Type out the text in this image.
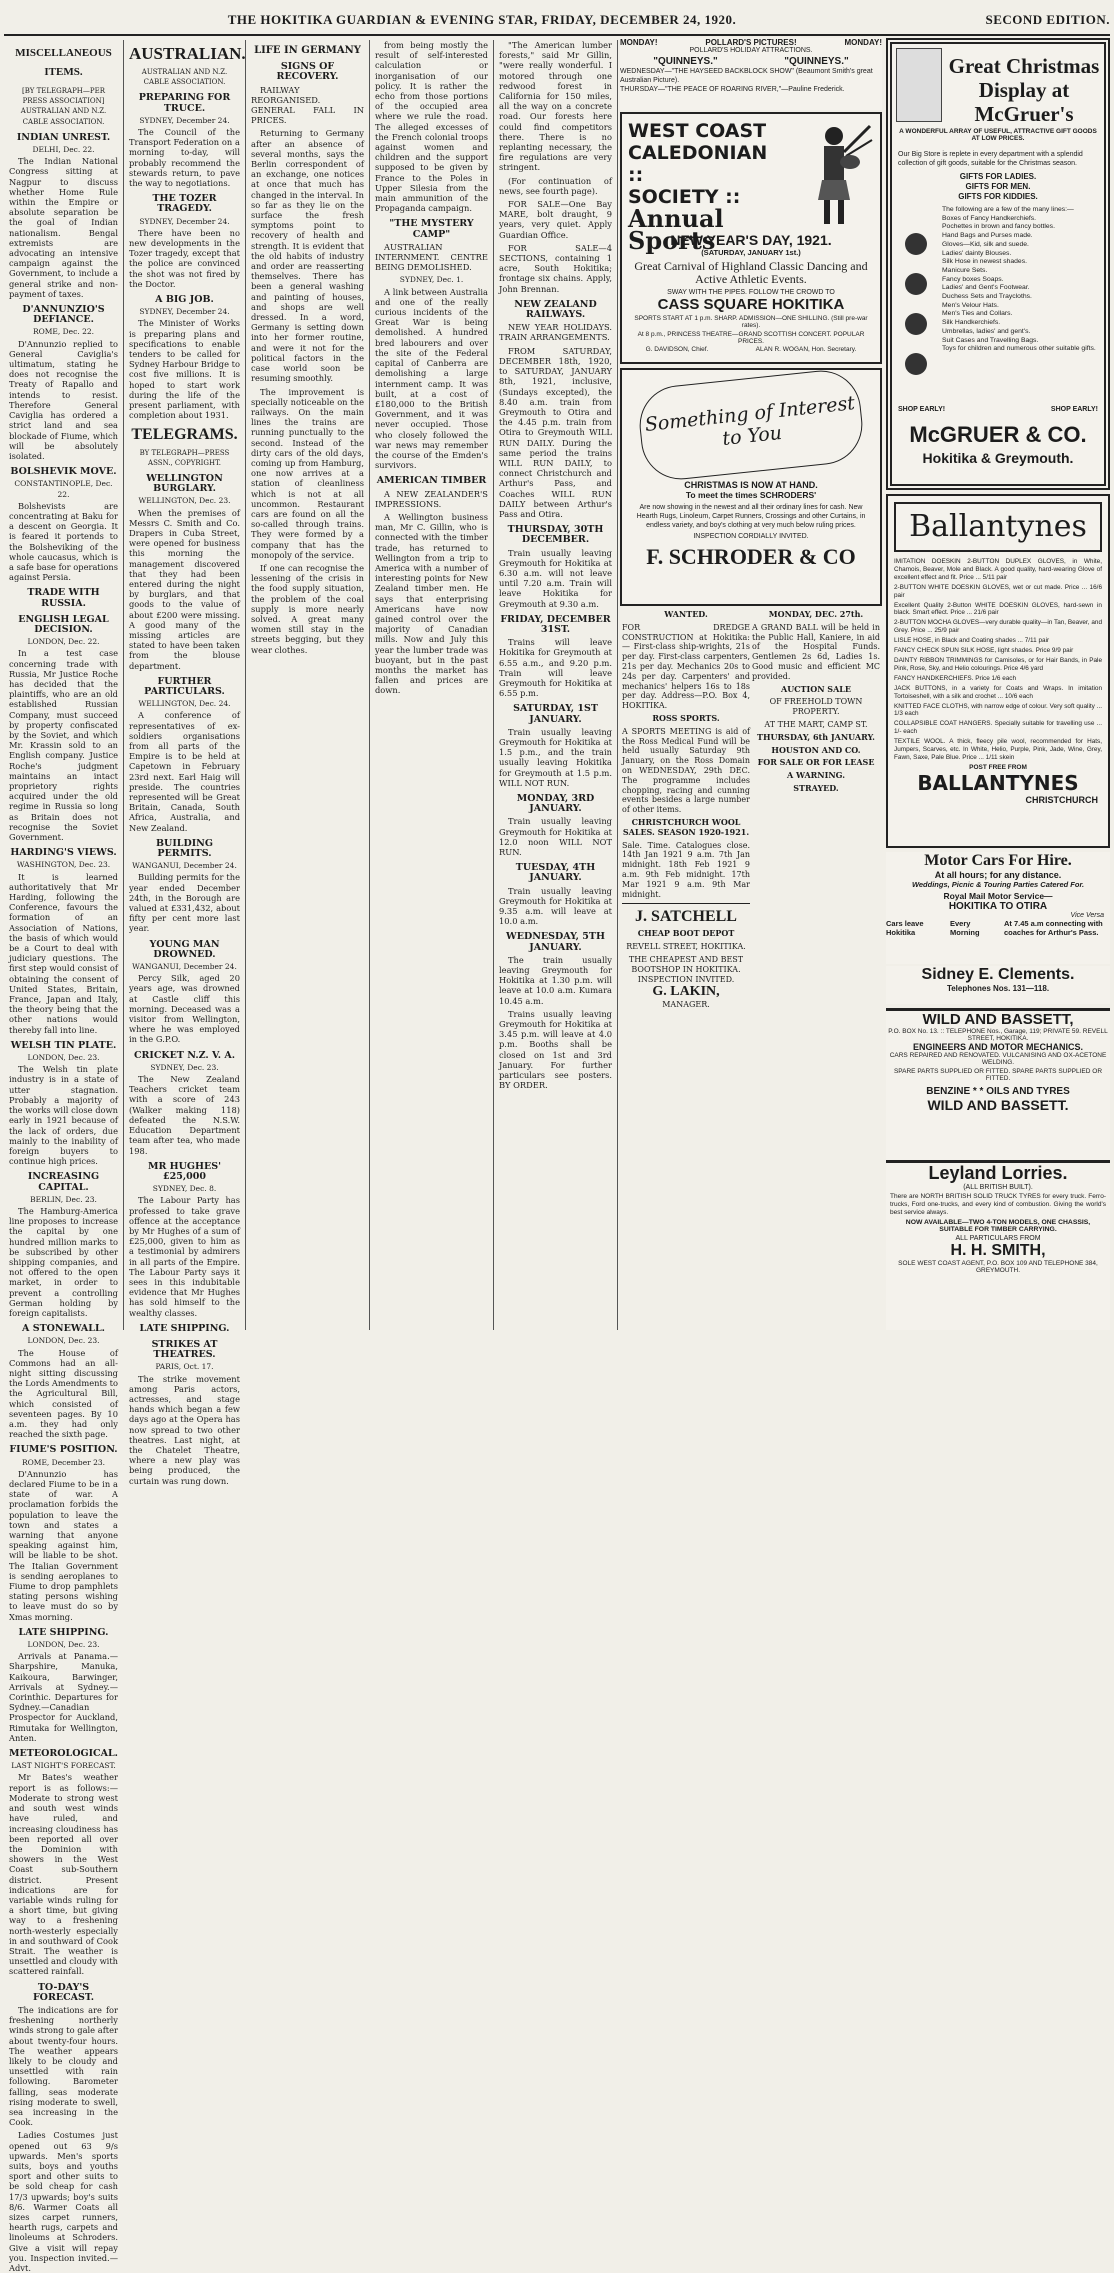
THE HOKITIKA GUARDIAN & EVENING STAR, FRIDAY, DECEMBER 24, 1920.	SECOND EDITION.
MISCELLANEOUS ITEMS.
[BY TELEGRAPH—PER PRESS ASSOCIATION]
AUSTRALIAN AND N.Z. CABLE ASSOCIATION.
INDIAN UNREST.
DELHI, Dec. 22.

The Indian National Congress sitting at Nagpur to discuss whether Home Rule within the Empire or absolute separation be the goal of Indian nationalism. Bengal extremists are advocating an intensive campaign against the Government, to include a general strike and non-payment of taxes.

D'ANNUNZIO'S DEFIANCE.
ROME, Dec. 22.

D'Annunzio replied to General Caviglia's ultimatum, stating he does not recognise the Treaty of Rapallo and intends to resist. Therefore General Caviglia has ordered a strict land and sea blockade of Fiume, which will be absolutely isolated.

BOLSHEVIK MOVE.
CONSTANTINOPLE, Dec. 22.

Bolshevists are concentrating at Baku for a descent on Georgia. It is feared it portends to the Bolsheviking of the whole caucasus, which is a safe base for operations against Persia.

TRADE WITH RUSSIA.
ENGLISH LEGAL DECISION.
LONDON, Dec. 22.

In a test case concerning trade with Russia, Mr Justice Roche has decided that the plaintiffs, who are an old established Russian Company, must succeed by property confiscated by the Soviet, and which Mr. Krassin sold to an English company. Justice Roche's judgment maintains an intact proprietory rights acquired under the old regime in Russia so long as Britain does not recognise the Soviet Government.

HARDING'S VIEWS.
WASHINGTON, Dec. 23.

It is learned authoritatively that Mr Harding, following the Conference, favours the formation of an Association of Nations, the basis of which would be a Court to deal with judiciary questions. The first step would consist of obtaining the consent of United States, Britain, France, Japan and Italy, the theory being that the other nations would thereby fall into line.

WELSH TIN PLATE.
LONDON, Dec. 23.

The Welsh tin plate industry is in a state of utter stagnation. Probably a majority of the works will close down early in 1921 because of the lack of orders, due mainly to the inability of foreign buyers to continue high prices.

INCREASING CAPITAL.
BERLIN, Dec. 23.

The Hamburg-America line proposes to increase the capital by one hundred million marks to be subscribed by other shipping companies, and not offered to the open market, in order to prevent a controlling German holding by foreign capitalists.

A STONEWALL.
LONDON, Dec. 23.

The House of Commons had an all-night sitting discussing the Lords Amendments to the Agricultural Bill, which consisted of seventeen pages. By 10 a.m. they had only reached the sixth page.

FIUME'S POSITION.
ROME, December 23.

D'Annunzio has declared Fiume to be in a state of war. A proclamation forbids the population to leave the town and states a warning that anyone speaking against him, will be liable to be shot. The Italian Government is sending aeroplanes to Fiume to drop pamphlets stating persons wishing to leave must do so by Xmas morning.

LATE SHIPPING.
LONDON, Dec. 23.

Arrivals at Panama.—Sharpshire, Manuka, Kaikoura, Barwinger, Arrivals at Sydney.—Corinthic. Departures for Sydney.—Canadian Prospector for Auckland, Rimutaka for Wellington, Anten.

METEOROLOGICAL.
LAST NIGHT'S FORECAST.

Mr Bates's weather report is as follows:—Moderate to strong west and south west winds have ruled, and increasing cloudiness has been reported all over the Dominion with showers in the West Coast sub-Southern district. Present indications are for variable winds ruling for a short time, but giving way to a freshening north-westerly especially in and southward of Cook Strait. The weather is unsettled and cloudy with scattered rainfall.

TO-DAY'S FORECAST.

The indications are for freshening northerly winds strong to gale after about twenty-four hours. The weather appears likely to be cloudy and unsettled with rain following. Barometer falling, seas moderate rising moderate to swell, sea increasing in the Cook.

Ladies Costumes just opened out 63 9/s upwards. Men's sports suits, boys and youths sport and other suits to be sold cheap for cash 17/3 upwards; boy's suits 8/6. Warmer Coats all sizes carpet runners, hearth rugs, carpets and linoleums at Schroders. Give a visit will repay you. Inspection invited.—Advt.

AUSTRALIAN.
AUSTRALIAN AND N.Z. CABLE ASSOCIATION.
PREPARING FOR TRUCE.
SYDNEY, December 24.

The Council of the Transport Federation on a morning to-day, will probably recommend the stewards return, to pave the way to negotiations.

THE TOZER TRAGEDY.
SYDNEY, December 24.

There have been no new developments in the Tozer tragedy, except that the police are convinced the shot was not fired by the Doctor.

A BIG JOB.
SYDNEY, December 24.

The Minister of Works is preparing plans and specifications to enable tenders to be called for Sydney Harbour Bridge to cost five millions. It is hoped to start work during the life of the present parliament, with completion about 1931.

TELEGRAMS.
BY TELEGRAPH—PRESS ASSN., COPYRIGHT.
WELLINGTON BURGLARY.
WELLINGTON, Dec. 23.

When the premises of Messrs C. Smith and Co. Drapers in Cuba Street, were opened for business this morning the management discovered that they had been entered during the night by burglars, and that goods to the value of about £200 were missing. A good many of the missing articles are stated to have been taken from the blouse department.

FURTHER PARTICULARS.
WELLINGTON, Dec. 24.

A conference of representatives of ex-soldiers organisations from all parts of the Empire is to be held at Capetown in February 23rd next. Earl Haig will preside. The countries represented will be Great Britain, Canada, South Africa, Australia, and New Zealand.

BUILDING PERMITS.
WANGANUI, December 24.

Building permits for the year ended December 24th, in the Borough are valued at £331,432, about fifty per cent more last year.

YOUNG MAN DROWNED.
WANGANUI, December 24.

Percy Silk, aged 20 years age, was drowned at Castle cliff this morning. Deceased was a visitor from Wellington, where he was employed in the G.P.O.

CRICKET N.Z. V. A.
SYDNEY, Dec. 23.

The New Zealand Teachers cricket team with a score of 243 (Walker making 118) defeated the N.S.W. Education Department team after tea, who made 198.

MR HUGHES' £25,000
SYDNEY, Dec. 8.

The Labour Party has professed to take grave offence at the acceptance by Mr Hughes of a sum of £25,000, given to him as a testimonial by admirers in all parts of the Empire. The Labour Party says it sees in this indubitable evidence that Mr Hughes has sold himself to the wealthy classes.

LATE SHIPPING.
STRIKES AT THEATRES.
PARIS, Oct. 17.

The strike movement among Paris actors, actresses, and stage hands which began a few days ago at the Opera has now spread to two other theatres. Last night, at the Chatelet Theatre, where a new play was being produced, the curtain was rung down.

LIFE IN GERMANY
SIGNS OF RECOVERY.

RAILWAY REORGANISED. GENERAL FALL IN PRICES.

Returning to Germany after an absence of several months, says the Berlin correspondent of an exchange, one notices at once that much has changed in the interval. In so far as they lie on the surface the fresh symptoms point to recovery of health and strength. It is evident that the old habits of industry and order are reasserting themselves. There has been a general washing and painting of houses, and shops are well dressed. In a word, Germany is setting down into her former routine, and were it not for the political factors in the case world soon be resuming smoothly.

The improvement is specially noticeable on the railways. On the main lines the trains are running punctually to the second. Instead of the dirty cars of the old days, coming up from Hamburg, one now arrives at a station of cleanliness which is not at all uncommon. Restaurant cars are found on all the so-called through trains. They were formed by a company that has the monopoly of the service.

If one can recognise the lessening of the crisis in the food supply situation, the problem of the coal supply is more nearly solved. A great many women still stay in the streets begging, but they wear clothes.

from being mostly the result of self-interested calculation or inorganisation of our policy. It is rather the echo from those portions of the occupied area where we rule the road. The alleged excesses of the French colonial troops against women and children and the support supposed to be given by France to the Poles in Upper Silesia from the main ammunition of the Propaganda campaign.

"THE MYSTERY CAMP"

AUSTRALIAN INTERNMENT. CENTRE BEING DEMOLISHED.

SYDNEY, Dec. 1.

A link between Australia and one of the really curious incidents of the Great War is being demolished. A hundred bred labourers and over the site of the Federal capital of Canberra are demolishing a large internment camp. It was built, at a cost of £180,000 to the British Government, and it was never occupied. Those who closely followed the war news may remember the course of the Emden's survivors.

AMERICAN TIMBER

A NEW ZEALANDER'S IMPRESSIONS.

A Wellington business man, Mr C. Gillin, who is connected with the timber trade, has returned to Wellington from a trip to America with a number of interesting points for New Zealand timber men. He says that enterprising Americans have now gained control over the majority of Canadian mills. Now and July this year the lumber trade was buoyant, but in the past months the market has fallen and prices are down.

"The American lumber forests," said Mr Gillin, "were really wonderful. I motored through one redwood forest in California for 150 miles, all the way on a concrete road. Our forests here could find competitors there. There is no replanting necessary, the fire regulations are very stringent.

(For continuation of news, see fourth page).

FOR SALE—One Bay MARE, bolt draught, 9 years, very quiet. Apply Guardian Office.

FOR SALE—4 SECTIONS, containing 1 acre, South Hokitika; frontage six chains. Apply, John Brennan.

NEW ZEALAND RAILWAYS.

NEW YEAR HOLIDAYS. TRAIN ARRANGEMENTS.

FROM SATURDAY, DECEMBER 18th, 1920, to SATURDAY, JANUARY 8th, 1921, inclusive, (Sundays excepted), the 8.40 a.m. train from Greymouth to Otira and the 4.45 p.m. train from Otira to Greymouth WILL RUN DAILY. During the same period the trains WILL RUN DAILY, to connect Christchurch and Arthur's Pass, and Coaches WILL RUN DAILY between Arthur's Pass and Otira.

THURSDAY, 30TH DECEMBER.

Train usually leaving Greymouth for Hokitika at 6.30 a.m. will not leave until 7.20 a.m. Train will leave Hokitika for Greymouth at 9.30 a.m.

FRIDAY, DECEMBER 31ST.

Trains will leave Hokitika for Greymouth at 6.55 a.m., and 9.20 p.m. Train will leave Greymouth for Hokitika at 6.55 p.m.

SATURDAY, 1ST JANUARY.

Train usually leaving Greymouth for Hokitika at 1.5 p.m., and the train usually leaving Hokitika for Greymouth at 1.5 p.m. WILL NOT RUN.

MONDAY, 3RD JANUARY.

Train usually leaving Greymouth for Hokitika at 12.0 noon WILL NOT RUN.

TUESDAY, 4TH JANUARY.

Train usually leaving Greymouth for Hokitika at 9.35 a.m. will leave at 10.0 a.m.

WEDNESDAY, 5TH JANUARY.

The train usually leaving Greymouth for Hokitika at 1.30 p.m. will leave at 10.0 a.m. Kumara 10.45 a.m.

Trains usually leaving Greymouth for Hokitika at 3.45 p.m. will leave at 4.0 p.m. Booths shall be closed on 1st and 3rd January. For further particulars see posters. BY ORDER.

MONDAY!	POLLARD'S PICTURES!	MONDAY!
POLLARD'S HOLIDAY ATTRACTIONS.
"QUINNEYS."	"QUINNEYS."
WEDNESDAY—"THE HAYSEED BACKBLOCK SHOW" (Beaumont Smith's great Australian Picture).
THURSDAY—"THE PEACE OF ROARING RIVER,"—Pauline Frederick.
WEST COAST
CALEDONIAN ::
SOCIETY ::
Annual Sports
NEW YEAR'S DAY, 1921.
(SATURDAY, JANUARY 1st.)
Great Carnival of Highland Classic Dancing and Active Athletic Events.
SWAY WITH THE PIPES. FOLLOW THE CROWD TO
CASS SQUARE HOKITIKA
SPORTS START AT 1 p.m. SHARP. ADMISSION—ONE SHILLING. (Still pre-war rates).
At 8 p.m., PRINCESS THEATRE—GRAND SCOTTISH CONCERT. POPULAR PRICES.
G. DAVIDSON, Chief.	ALAN R. WOGAN, Hon. Secretary.
Something of Interest to You
CHRISTMAS IS NOW AT HAND.
To meet the times SCHRODERS'
Are now showing in the newest and all their ordinary lines for cash. New Hearth Rugs, Linoleum, Carpet Runners, Crossings and other Curtains, in endless variety, and boy's clothing at very much below ruling prices.
INSPECTION CORDIALLY INVITED.
F. SCHRODER & CO

WANTED.

FOR DREDGE CONSTRUCTION at Hokitika:— First-class ship-wrights, 21s per day. First-class carpenters, 21s per day. Mechanics 20s to 24s per day. Carpenters' and mechanics' helpers 16s to 18s per day. Address—P.O. Box 4, HOKITIKA.

ROSS SPORTS.

A SPORTS MEETING is aid of the Ross Medical Fund will be held usually Saturday 9th January, on the Ross Domain on WEDNESDAY, 29th DEC. The programme includes chopping, racing and cunning events besides a large number of other items.

CHRISTCHURCH WOOL SALES. SEASON 1920-1921.

Sale. Time. Catalogues close. 14th Jan 1921 9 a.m. 7th Jan midnight. 18th Feb 1921 9 a.m. 9th Feb midnight. 17th Mar 1921 9 a.m. 9th Mar midnight.

J. SATCHELL

CHEAP BOOT DEPOT

REVELL STREET, HOKITIKA.

THE CHEAPEST AND BEST BOOTSHOP IN HOKITIKA. INSPECTION INVITED.

G. LAKIN,

MANAGER.

MONDAY, DEC. 27th.

A GRAND BALL will be held in the Public Hall, Kaniere, in aid of the Hospital Funds. Gentlemen 2s 6d, Ladies 1s. Good music and efficient MC provided.

AUCTION SALE

OF FREEHOLD TOWN PROPERTY.

AT THE MART, CAMP ST.

THURSDAY, 6th JANUARY.

HOUSTON AND CO.

FOR SALE OR FOR LEASE

A WARNING.

STRAYED.

Great Christmas Display at McGruer's
A WONDERFUL ARRAY OF USEFUL, ATTRACTIVE GIFT GOODS AT LOW PRICES.
Our Big Store is replete in every department with a splendid collection of gift goods, suitable for the Christmas season.
GIFTS FOR LADIES.
GIFTS FOR MEN.
GIFTS FOR KIDDIES.
The following are a few of the many lines:—
Boxes of Fancy Handkerchiefs.
Pochettes in brown and fancy bottles.
Hand Bags and Purses made.
Gloves—Kid, silk and suede.
Ladies' dainty Blouses.
Silk Hose in newest shades.
Manicure Sets.
Fancy boxes Soaps.
Ladies' and Gent's Footwear.
Duchess Sets and Traycloths.
Men's Velour Hats.
Men's Ties and Collars.
Silk Handkerchiefs.
Umbrellas, ladies' and gent's.
Suit Cases and Travelling Bags.
Toys for children and numerous other suitable gifts.
SHOP EARLY!	SHOP EARLY!
McGRUER & CO.
Hokitika & Greymouth.
Ballantynes
IMITATION DOESKIN 2-BUTTON DUPLEX GLOVES, in White, Chamois, Beaver, Mole and Black. A good quality, hard-wearing Glove of excellent effect and fit. Price ... 5/11 pair
2-BUTTON WHITE DOESKIN GLOVES, wet or cut made. Price ... 16/6 pair
Excellent Quality 2-Button WHITE DOESKIN GLOVES, hard-sewn in black. Smart effect. Price ... 21/6 pair
2-BUTTON MOCHA GLOVES—very durable quality—in Tan, Beaver, and Grey. Price ... 25/9 pair
LISLE HOSE, in Black and Coating shades ... 7/11 pair
FANCY CHECK SPUN SILK HOSE, light shades. Price 9/9 pair
DAINTY RIBBON TRIMMINGS for Camisoles, or for Hair Bands, in Pale Pink, Rose, Sky, and Helio colourings. Price 4/6 yard
FANCY HANDKERCHIEFS. Price 1/6 each
JACK BUTTONS, in a variety for Coats and Wraps. In imitation Tortoiseshell, with a silk and crochet ... 10/6 each
KNITTED FACE CLOTHS, with narrow edge of colour. Very soft quality ... 1/3 each
COLLAPSIBLE COAT HANGERS. Specially suitable for travelling use ... 1/- each
TEXTILE WOOL. A thick, fleecy pile wool, recommended for Hats, Jumpers, Scarves, etc. In White, Helio, Purple, Pink, Jade, Wine, Grey, Fawn, Saxe, Pale Blue. Price ... 1/11 skein
POST FREE FROM
BALLANTYNES
CHRISTCHURCH
Motor Cars For Hire.
At all hours; for any distance.
Weddings, Picnic & Touring Parties Catered For.
Royal Mail Motor Service—
HOKITIKA TO OTIRA
Vice Versa
Cars leave Hokitika
Every Morning
At 7.45 a.m connecting with coaches for Arthur's Pass.
Sidney E. Clements.
Telephones Nos. 131—118.
WILD AND BASSETT,
P.O. BOX No. 13. :: TELEPHONE Nos., Garage, 119; PRIVATE 59. REVELL STREET, HOKITIKA.
ENGINEERS AND MOTOR MECHANICS.
CARS REPAIRED AND RENOVATED. VULCANISING AND OX-ACETONE WELDING.
SPARE PARTS SUPPLIED OR FITTED. SPARE PARTS SUPPLIED OR FITTED.
BENZINE * * OILS AND TYRES
WILD AND BASSETT.
Leyland Lorries.
(ALL BRITISH BUILT).
There are NORTH BRITISH SOLID TRUCK TYRES for every truck. Ferro-trucks, Ford one-trucks, and every kind of combustion. Giving the world's best service always.
NOW AVAILABLE—TWO 4-TON MODELS, ONE CHASSIS, SUITABLE FOR TIMBER CARRYING.
ALL PARTICULARS FROM
H. H. SMITH,
SOLE WEST COAST AGENT, P.O. BOX 109 AND TELEPHONE 384, GREYMOUTH.
